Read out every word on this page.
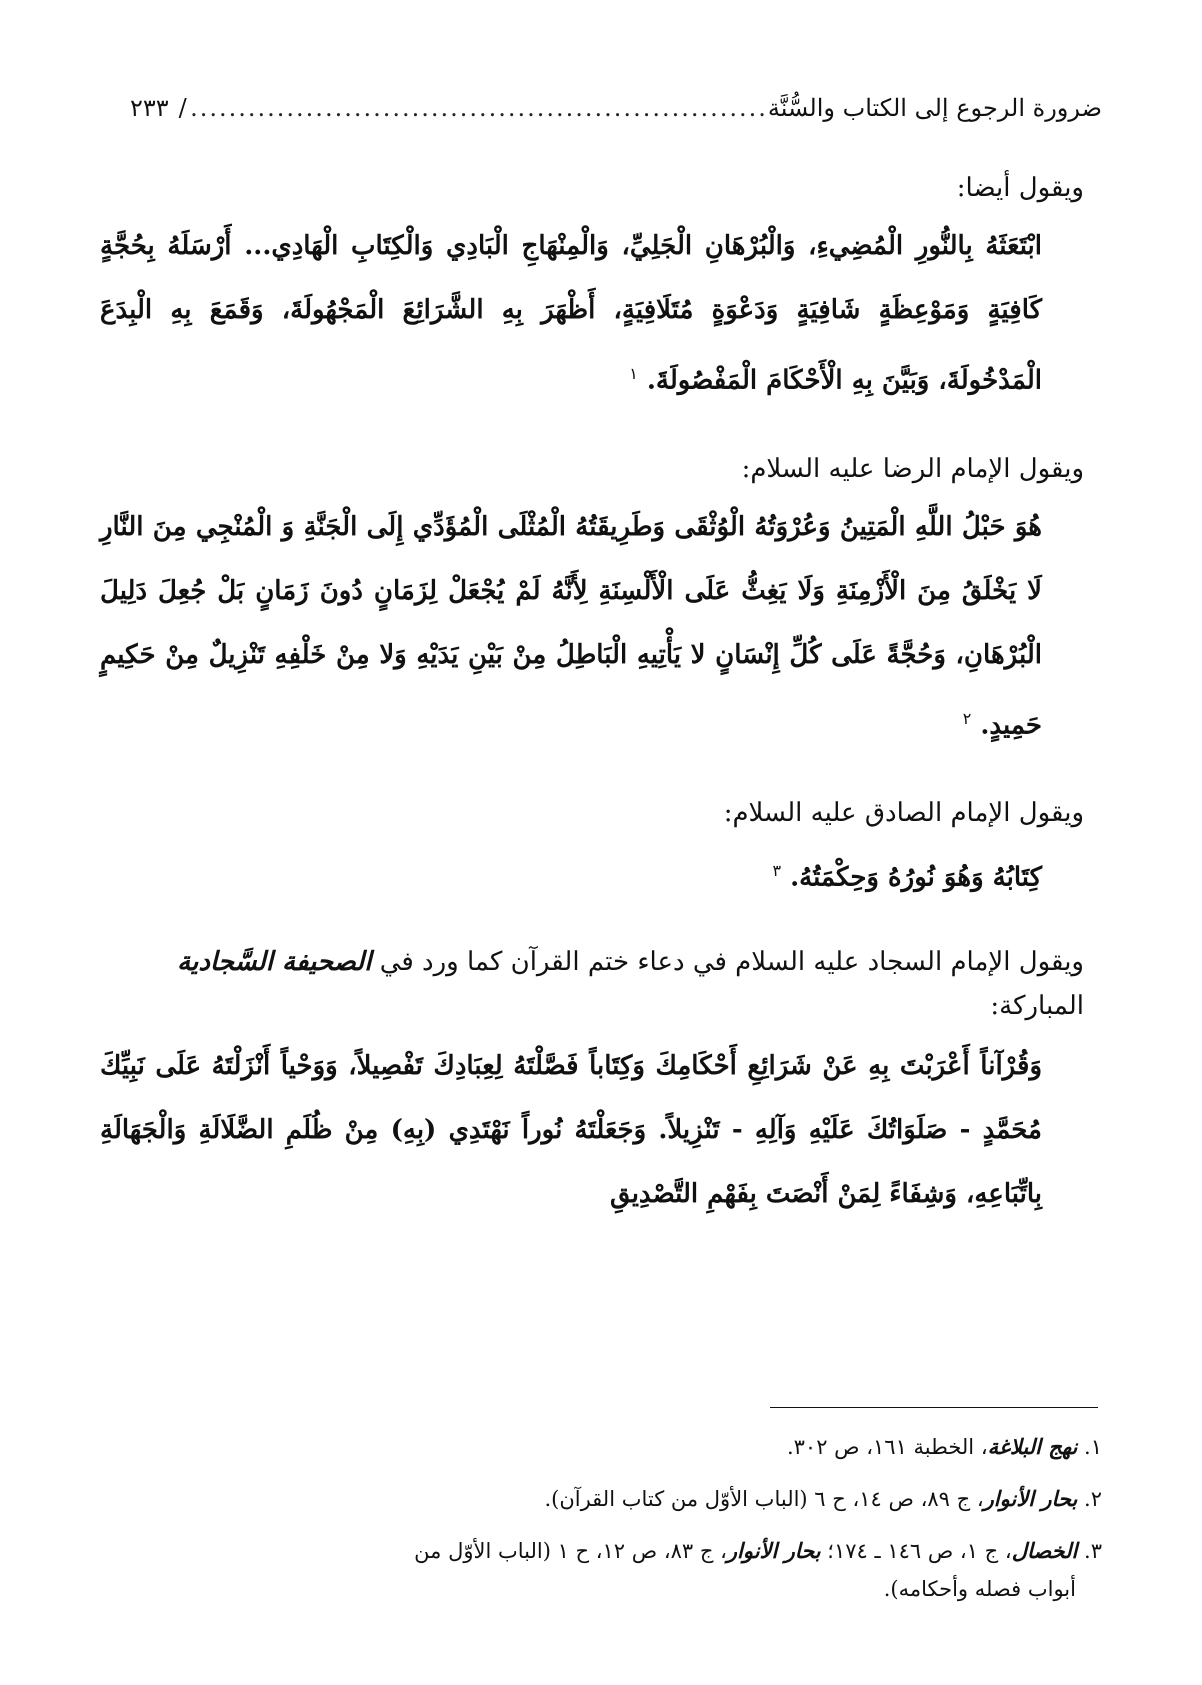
ضرورة الرجوع إلى الكتاب والسُّنَّة
.....
/
٢٣٣
ويقول أيضا:
ابْتَعَثَهُ بِالنُّورِ الْمُضِيءِ، وَالْبُرْهَانِ الْجَلِيِّ، وَالْمِنْهَاجِ الْبَادِي وَالْكِتَابِ الْهَادِي... أَرْسَلَهُ بِحُجَّةٍ كَافِيَةٍ وَمَوْعِظَةٍ شَافِيَةٍ وَدَعْوَةٍ مُتَلَافِيَةٍ، أَظْهَرَ بِهِ الشَّرَائِعَ الْمَجْهُولَةَ، وَقَمَعَ بِهِ الْبِدَعَ الْمَدْخُولَةَ، وَبَيَّنَ بِهِ الْأَحْكَامَ الْمَفْصُولَةَ. $^١$
ويقول الإمام الرضا عليه السلام:
هُوَ حَبْلُ اللَّهِ الْمَتِينُ وَعُرْوَتُهُ الْوُثْقَى وَطَرِيقَتُهُ الْمُثْلَى الْمُؤَدِّي إِلَى الْجَنَّةِ وَ الْمُنْجِي مِنَ النَّارِ لَا يَخْلَقُ مِنَ الْأَزْمِنَةِ وَلَا يَغِثُّ عَلَى الْأَلْسِنَةِ لِأَنَّهُ لَمْ يُجْعَلْ لِزَمَانٍ دُونَ زَمَانٍ بَلْ جُعِلَ دَلِيلَ الْبُرْهَانِ، وَحُجَّةً عَلَى كُلِّ إِنْسَانٍ لا يَأْتِيهِ الْبَاطِلُ مِنْ بَيْنِ يَدَيْهِ وَلا مِنْ خَلْفِهِ تَنْزِيلٌ مِنْ حَكِيمٍ حَمِيدٍ. $^٢$
ويقول الإمام الصادق عليه السلام:
كِتَابُهُ وَهُوَ نُورُهُ وَحِكْمَتُهُ. $^٣$
ويقول الإمام السجاد عليه السلام في دعاء ختم القرآن كما ورد في الصحيفة السَّجادية المباركة:
وَقُرْآناً أَعْرَبْتَ بِهِ عَنْ شَرَائِعِ أَحْكَامِكَ وَكِتَاباً فَصَّلْتَهُ لِعِبَادِكَ تَفْصِيلاً، وَوَحْياً أَنْزَلْتَهُ عَلَى نَبِيِّكَ مُحَمَّدٍ - صَلَوَاتُكَ عَلَيْهِ وَآلِهِ - تَنْزِيلاً. وَجَعَلْتَهُ نُوراً نَهْتَدِي (بِهِ) مِنْ ظُلَمِ الضَّلَالَةِ وَالْجَهَالَةِ بِاتِّبَاعِهِ، وَشِفَاءً لِمَنْ أَنْصَتَ بِفَهْمِ التَّصْدِيقِ

١. نهج البلاغة، الخطبة ١٦١، ص ٣٠٢.

٢. بحار الأنوار، ج ٨٩، ص ١٤، ح ٦ (الباب الأوّل من كتاب القرآن).

٣. الخصال، ج ١، ص ١٤٦ ـ ١٧٤؛ بحار الأنوار، ج ٨٣، ص ١٢، ح ١ (الباب الأوّل من
أبواب فصله وأحكامه).
